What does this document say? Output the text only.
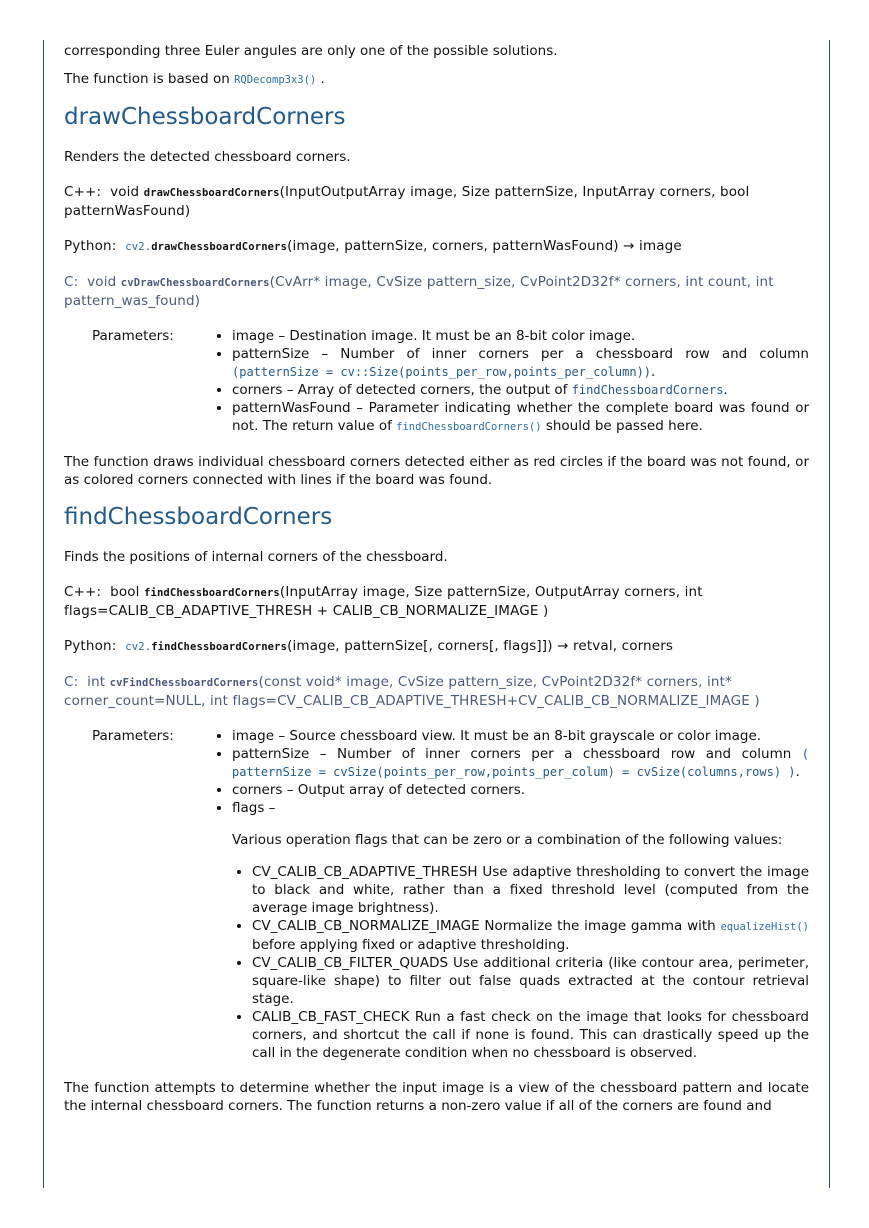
corresponding three Euler angules are only one of the possible solutions.

The function is based on RQDecomp3x3() .

drawChessboardCorners

Renders the detected chessboard corners.

C++: void drawChessboardCorners(InputOutputArray image, Size patternSize, InputArray corners, bool patternWasFound)

Python: cv2.drawChessboardCorners(image, patternSize, corners, patternWasFound) → image

C: void cvDrawChessboardCorners(CvArr* image, CvSize pattern_size, CvPoint2D32f* corners, int count, int pattern_was_found)

Parameters:	• image – Destination image. It must be an 8-bit color image.
• patternSize – Number of inner corners per a chessboard row and column (patternSize = cv::Size(points_per_row,points_per_column)).
• corners – Array of detected corners, the output of findChessboardCorners.
• patternWasFound – Parameter indicating whether the complete board was found or not. The return value of findChessboardCorners() should be passed here.

The function draws individual chessboard corners detected either as red circles if the board was not found, or as colored corners connected with lines if the board was found.

findChessboardCorners

Finds the positions of internal corners of the chessboard.

C++: bool findChessboardCorners(InputArray image, Size patternSize, OutputArray corners, int flags=CALIB_CB_ADAPTIVE_THRESH + CALIB_CB_NORMALIZE_IMAGE )

Python: cv2.findChessboardCorners(image, patternSize[, corners[, flags]]) → retval, corners

C: int cvFindChessboardCorners(const void* image, CvSize pattern_size, CvPoint2D32f* corners, int* corner_count=NULL, int flags=CV_CALIB_CB_ADAPTIVE_THRESH+CV_CALIB_CB_NORMALIZE_IMAGE )

Parameters:	• image – Source chessboard view. It must be an 8-bit grayscale or color image.
• patternSize – Number of inner corners per a chessboard row and column ( patternSize = cvSize(points_per_row,points_per_colum) = cvSize(columns,rows) ).
• corners – Output array of detected corners.
• flags –

Various operation flags that can be zero or a combination of the following values:

• CV_CALIB_CB_ADAPTIVE_THRESH Use adaptive thresholding to convert the image to black and white, rather than a fixed threshold level (computed from the average image brightness).
• CV_CALIB_CB_NORMALIZE_IMAGE Normalize the image gamma with equalizeHist() before applying fixed or adaptive thresholding.
• CV_CALIB_CB_FILTER_QUADS Use additional criteria (like contour area, perimeter, square-like shape) to filter out false quads extracted at the contour retrieval stage.
• CALIB_CB_FAST_CHECK Run a fast check on the image that looks for chessboard corners, and shortcut the call if none is found. This can drastically speed up the call in the degenerate condition when no chessboard is observed.

The function attempts to determine whether the input image is a view of the chessboard pattern and locate the internal chessboard corners. The function returns a non-zero value if all of the corners are found and
